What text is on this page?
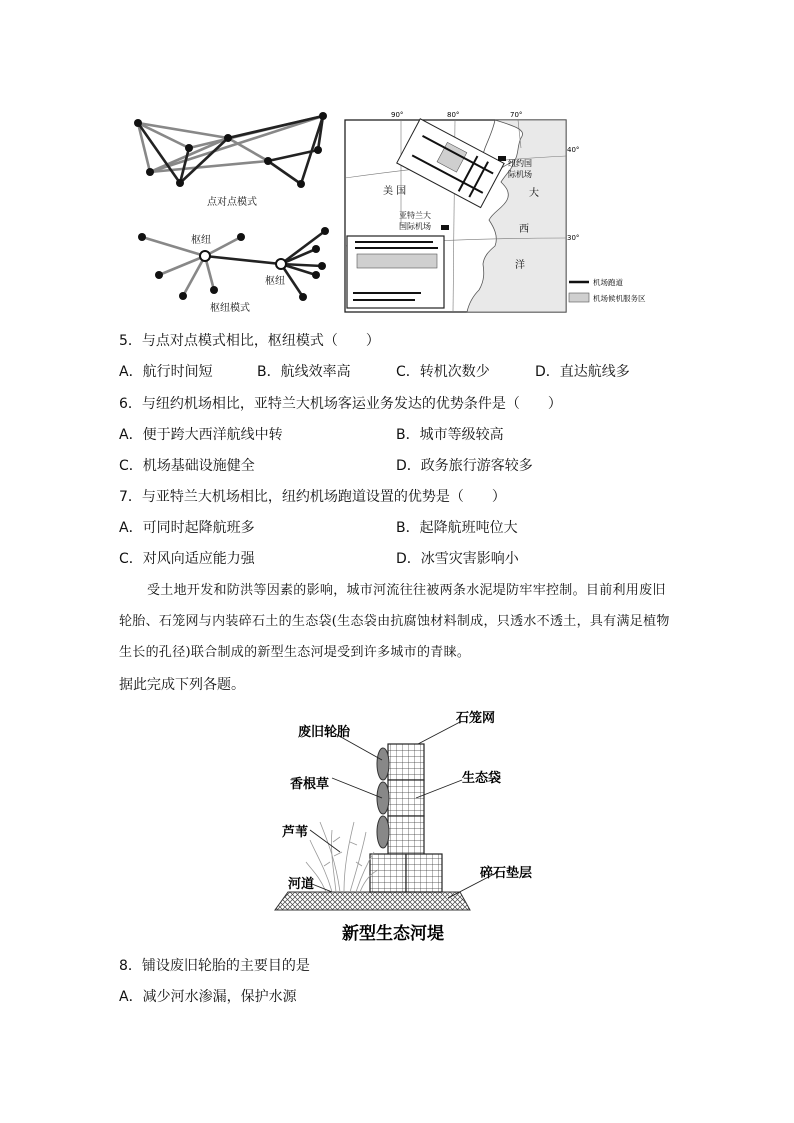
点对点模式
枢纽
枢纽
枢纽模式
90°	80°	70°
40°
30°
纽约国
际机场
美 国
亚特兰大
国际机场
大
西
洋
机场跑道
机场候机服务区
5．与点对点模式相比，枢纽模式（　　）
A．航行时间短	B．航线效率高	C．转机次数少	D．直达航线多
6．与纽约机场相比，亚特兰大机场客运业务发达的优势条件是（　　）
A．便于跨大西洋航线中转	B．城市等级较高
C．机场基础设施健全	D．政务旅行游客较多
7．与亚特兰大机场相比，纽约机场跑道设置的优势是（　　）
A．可同时起降航班多	B．起降航班吨位大
C．对风向适应能力强	D．冰雪灾害影响小
受土地开发和防洪等因素的影响，城市河流往往被两条水泥堤防牢牢控制。目前利用废旧轮胎、石笼网与内装碎石土的生态袋(生态袋由抗腐蚀材料制成，只透水不透土，具有满足植物生长的孔径)联合制成的新型生态河堤受到许多城市的青睐。
据此完成下列各题。
废旧轮胎
香根草
芦苇
河道
石笼网
生态袋
碎石垫层
新型生态河堤
8．铺设废旧轮胎的主要目的是
A．减少河水渗漏，保护水源
